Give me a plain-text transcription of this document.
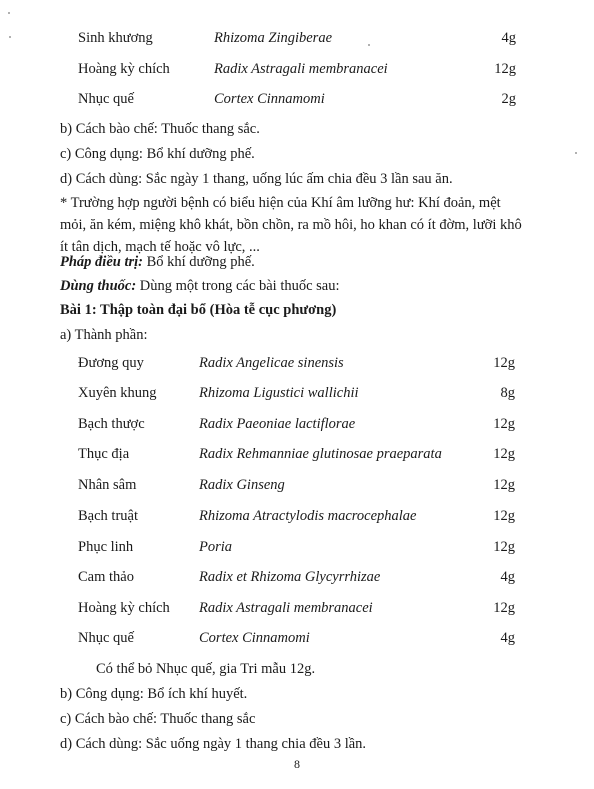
Sinh khương	Rhizoma Zingiberae	4g
Hoàng kỳ chích	Radix Astragali membranacei	12g
Nhục quế	Cortex Cinnamomi	2g
b) Cách bào chế: Thuốc thang sắc.
c) Công dụng: Bổ khí dưỡng phế.
d) Cách dùng: Sắc ngày 1 thang, uống lúc ấm chia đều 3 lần sau ăn.
* Trường hợp người bệnh có biểu hiện của Khí âm lưỡng hư: Khí đoản, mệt mỏi, ăn kém, miệng khô khát, bồn chồn, ra mồ hôi, ho khan có ít đờm, lưỡi khô ít tân dịch, mạch tế hoặc vô lực, ...
Pháp điều trị: Bổ khí dưỡng phế.
Dùng thuốc: Dùng một trong các bài thuốc sau:
Bài 1: Thập toàn đại bổ (Hòa tễ cục phương)
a) Thành phần:
Đương quy	Radix Angelicae sinensis	12g
Xuyên khung	Rhizoma Ligustici wallichii	8g
Bạch thược	Radix Paeoniae lactiflorae	12g
Thục địa	Radix Rehmanniae glutinosae praeparata	12g
Nhân sâm	Radix Ginseng	12g
Bạch truật	Rhizoma Atractylodis macrocephalae	12g
Phục linh	Poria	12g
Cam thảo	Radix et Rhizoma Glycyrrhizae	4g
Hoàng kỳ chích Radix Astragali membranacei	12g
Nhục quế	Cortex Cinnamomi	4g
Có thể bỏ Nhục quế, gia Tri mẫu 12g.
b) Công dụng: Bổ ích khí huyết.
c) Cách bào chế: Thuốc thang sắc
d) Cách dùng: Sắc uống ngày 1 thang chia đều 3 lần.
8
